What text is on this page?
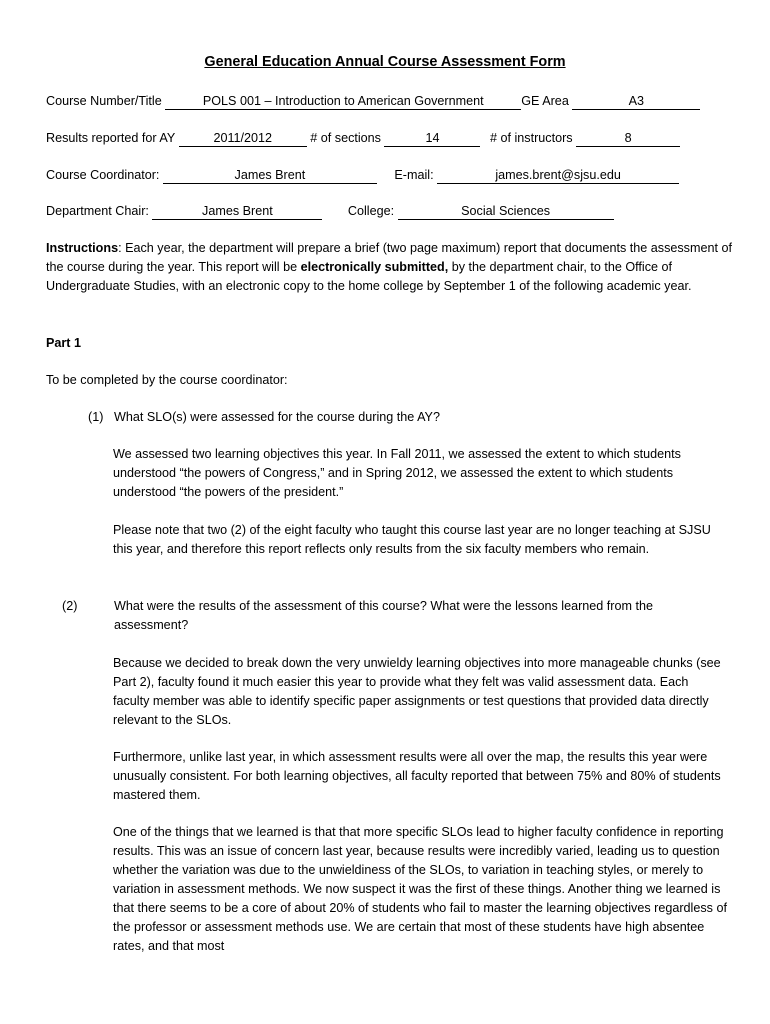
General Education Annual Course Assessment Form
Course Number/Title	POLS 001 – Introduction to American Government	GE Area	A3
Results reported for AY	2011/2012	# of sections	14	# of instructors	8
Course Coordinator:	James Brent	E-mail:	james.brent@sjsu.edu
Department Chair:	James Brent	College:	Social Sciences

Instructions: Each year, the department will prepare a brief (two page maximum) report that documents the assessment of the course during the year. This report will be electronically submitted, by the department chair, to the Office of Undergraduate Studies, with an electronic copy to the home college by September 1 of the following academic year.

Part 1
To be completed by the course coordinator:
(1) What SLO(s) were assessed for the course during the AY?
We assessed two learning objectives this year. In Fall 2011, we assessed the extent to which students understood “the powers of Congress,” and in Spring 2012, we assessed the extent to which students understood “the powers of the president.”
Please note that two (2) of the eight faculty who taught this course last year are no longer teaching at SJSU this year, and therefore this report reflects only results from the six faculty members who remain.
(2)	What were the results of the assessment of this course? What were the lessons learned from the assessment?
Because we decided to break down the very unwieldy learning objectives into more manageable chunks (see Part 2), faculty found it much easier this year to provide what they felt was valid assessment data. Each faculty member was able to identify specific paper assignments or test questions that provided data directly relevant to the SLOs.
Furthermore, unlike last year, in which assessment results were all over the map, the results this year were unusually consistent. For both learning objectives, all faculty reported that between 75% and 80% of students mastered them.
One of the things that we learned is that that more specific SLOs lead to higher faculty confidence in reporting results. This was an issue of concern last year, because results were incredibly varied, leading us to question whether the variation was due to the unwieldiness of the SLOs, to variation in teaching styles, or merely to variation in assessment methods. We now suspect it was the first of these things. Another thing we learned is that there seems to be a core of about 20% of students who fail to master the learning objectives regardless of the professor or assessment methods use. We are certain that most of these students have high absentee rates, and that most
